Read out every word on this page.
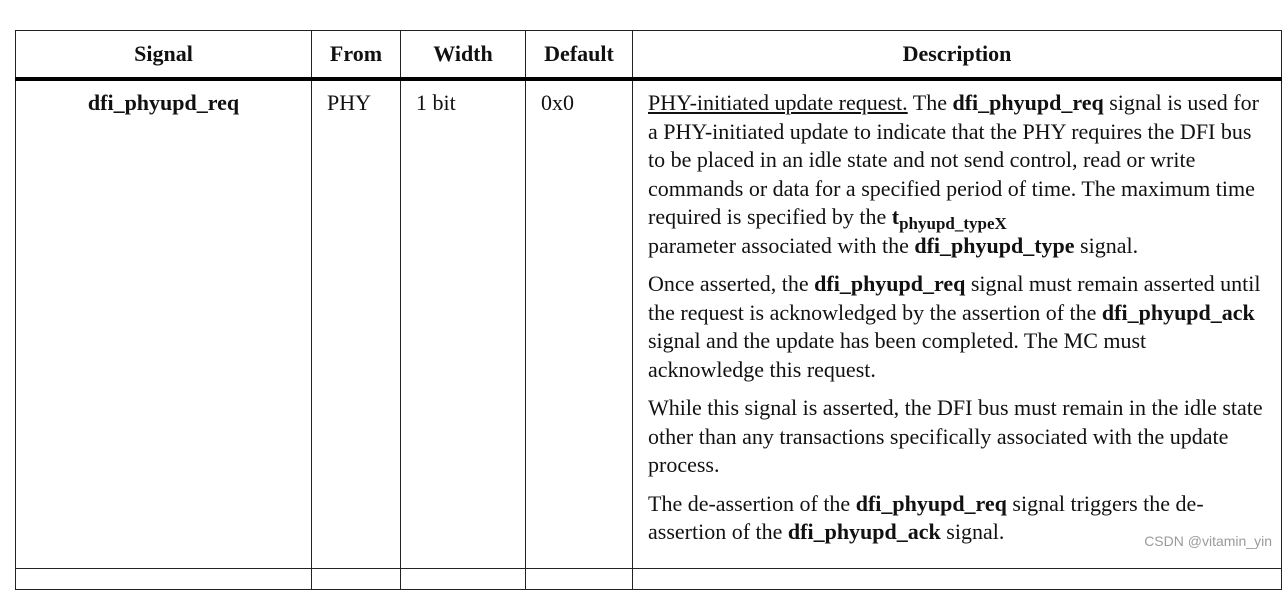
Signal	From	Width	Default	Description
dfi_phyupd_req	PHY	1 bit	0x0	PHY-initiated update request. The dfi_phyupd_req signal is used for a PHY-initiated update to indicate that the PHY requires the DFI bus to be placed in an idle state and not send control, read or write commands or data for a specified period of time. The maximum time required is specified by the $t_{phyupd\_typeX}$
parameter associated with the dfi_phyupd_type signal.

Once asserted, the dfi_phyupd_req signal must remain asserted until the request is acknowledged by the assertion of the dfi_phyupd_ack signal and the update has been completed. The MC must acknowledge this request.

While this signal is asserted, the DFI bus must remain in the idle state other than any transactions specifically associated with the update process.

The de-assertion of the dfi_phyupd_req signal triggers the de-assertion of the dfi_phyupd_ack signal.

					CSDN @vitamin_yin
